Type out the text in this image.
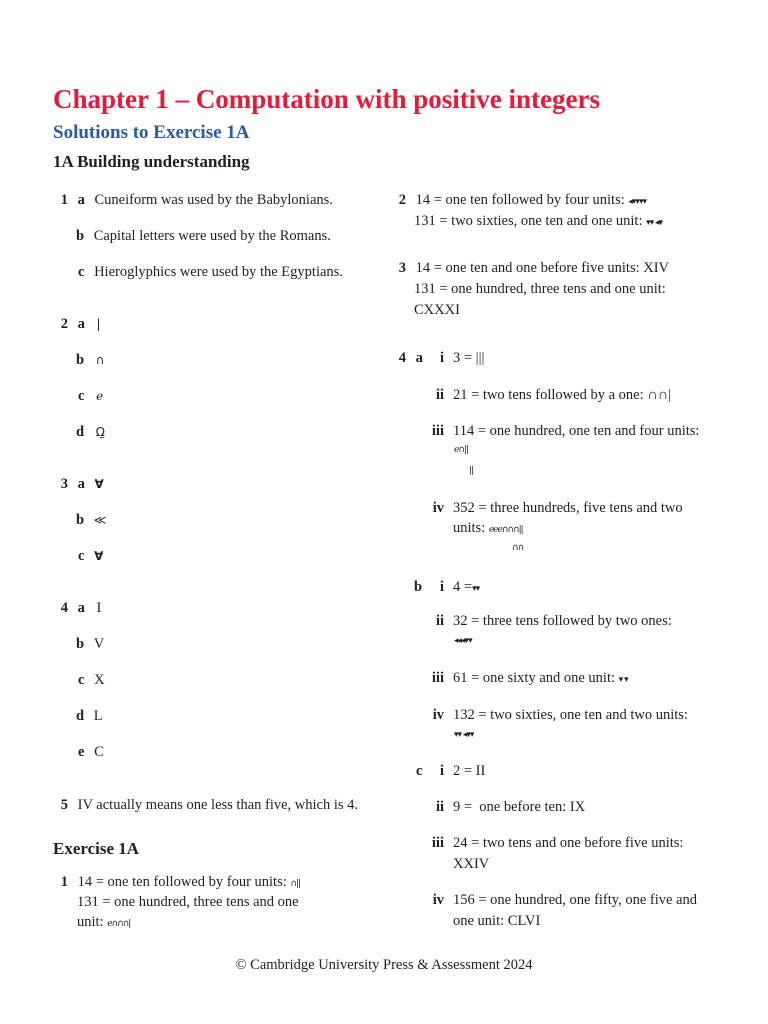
Chapter 1 – Computation with positive integers
Solutions to Exercise 1A
1A Building understanding
1 a Cuneiform was used by the Babylonians.
b Capital letters were used by the Romans.
c Hieroglyphics were used by the Egyptians.
2 a |
b ∩
c ℯ
d Ω̱
3 a ∀
b ≪
c ∀
4 a I
b V
c X
d L
e C
5 IV actually means one less than five, which is 4.
Exercise 1A
1 14 = one ten followed by four units: ∩||
131 = one hundred, three tens and one
unit: ℯ∩∩∩|
2 14 = one ten followed by four units: ◂▾▾▾▾
131 = two sixties, one ten and one unit: ▾▾ ◂▾
3 14 = one ten and one before five units: XIV
131 = one hundred, three tens and one unit:
CXXXI
4 a	i 3 = |||
ii 21 = two tens followed by a one: ∩∩|
iii 114 = one hundred, one ten and four units:
ℯ∩||
||
iv 352 = three hundreds, five tens and two
units: ℯℯℯ∩∩∩||
∩∩
b	i 4 =▾▾
ii 32 = three tens followed by two ones:
◂◂◂▾▾
iii 61 = one sixty and one unit: ▾ ▾
iv 132 = two sixties, one ten and two units:
▾▾ ◂▾▾
c	i 2 = II
ii 9 =  one before ten: IX
iii 24 = two tens and one before five units:
XXIV
iv 156 = one hundred, one fifty, one five and
one unit: CLVI
© Cambridge University Press & Assessment 2024
